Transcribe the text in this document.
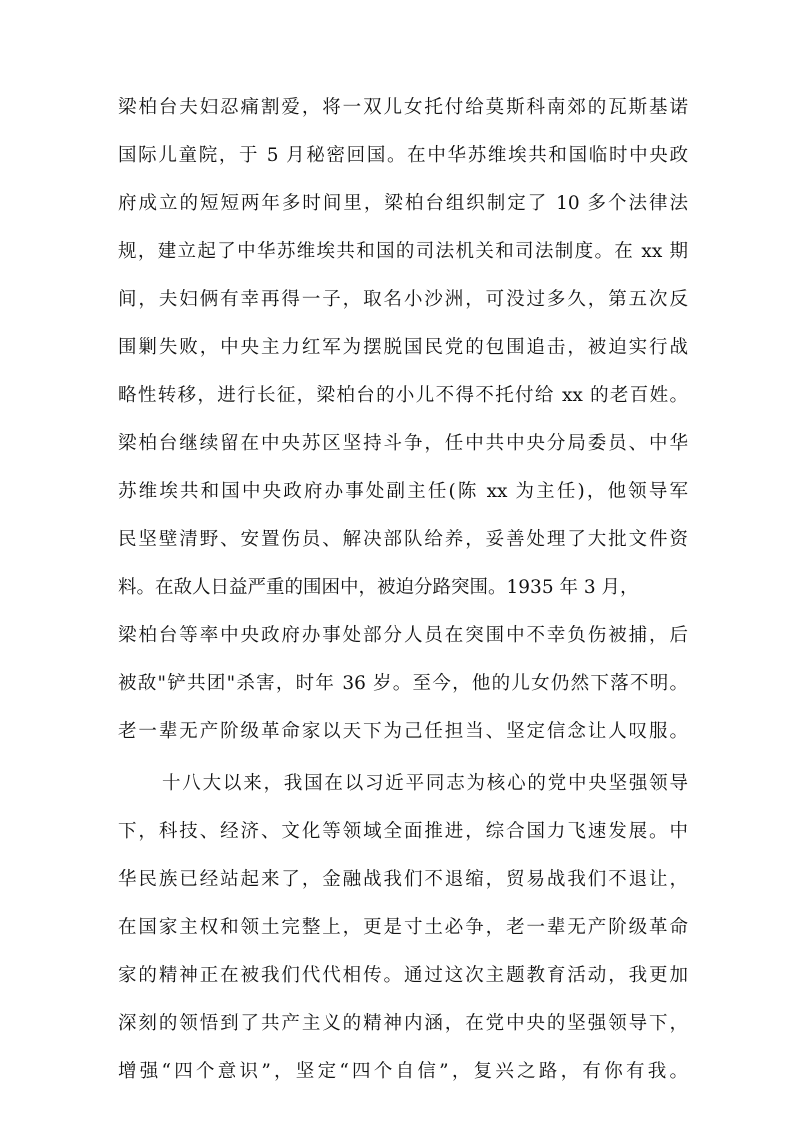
梁柏台夫妇忍痛割爱，将一双儿女托付给莫斯科南郊的瓦斯基诺
国际儿童院，于 5 月秘密回国。在中华苏维埃共和国临时中央政
府成立的短短两年多时间里，梁柏台组织制定了 10 多个法律法
规，建立起了中华苏维埃共和国的司法机关和司法制度。在 xx 期
间，夫妇俩有幸再得一子，取名小沙洲，可没过多久，第五次反
围剿失败，中央主力红军为摆脱国民党的包围追击，被迫实行战
略性转移，进行长征，梁柏台的小儿不得不托付给 xx 的老百姓。
梁柏台继续留在中央苏区坚持斗争，任中共中央分局委员、中华
苏维埃共和国中央政府办事处副主任(陈 xx 为主任)，他领导军
民坚壁清野、安置伤员、解决部队给养，妥善处理了大批文件资
料。在敌人日益严重的围困中，被迫分路突围。1935 年 3 月，
梁柏台等率中央政府办事处部分人员在突围中不幸负伤被捕，后
被敌"铲共团"杀害，时年 36 岁。至今，他的儿女仍然下落不明。
老一辈无产阶级革命家以天下为己任担当、坚定信念让人叹服。
十八大以来，我国在以习近平同志为核心的党中央坚强领导
下，科技、经济、文化等领域全面推进，综合国力飞速发展。中
华民族已经站起来了，金融战我们不退缩，贸易战我们不退让，
在国家主权和领土完整上，更是寸土必争，老一辈无产阶级革命
家的精神正在被我们代代相传。通过这次主题教育活动，我更加
深刻的领悟到了共产主义的精神内涵，在党中央的坚强领导下，
增强“四个意识”，坚定“四个自信”，复兴之路，有你有我。
